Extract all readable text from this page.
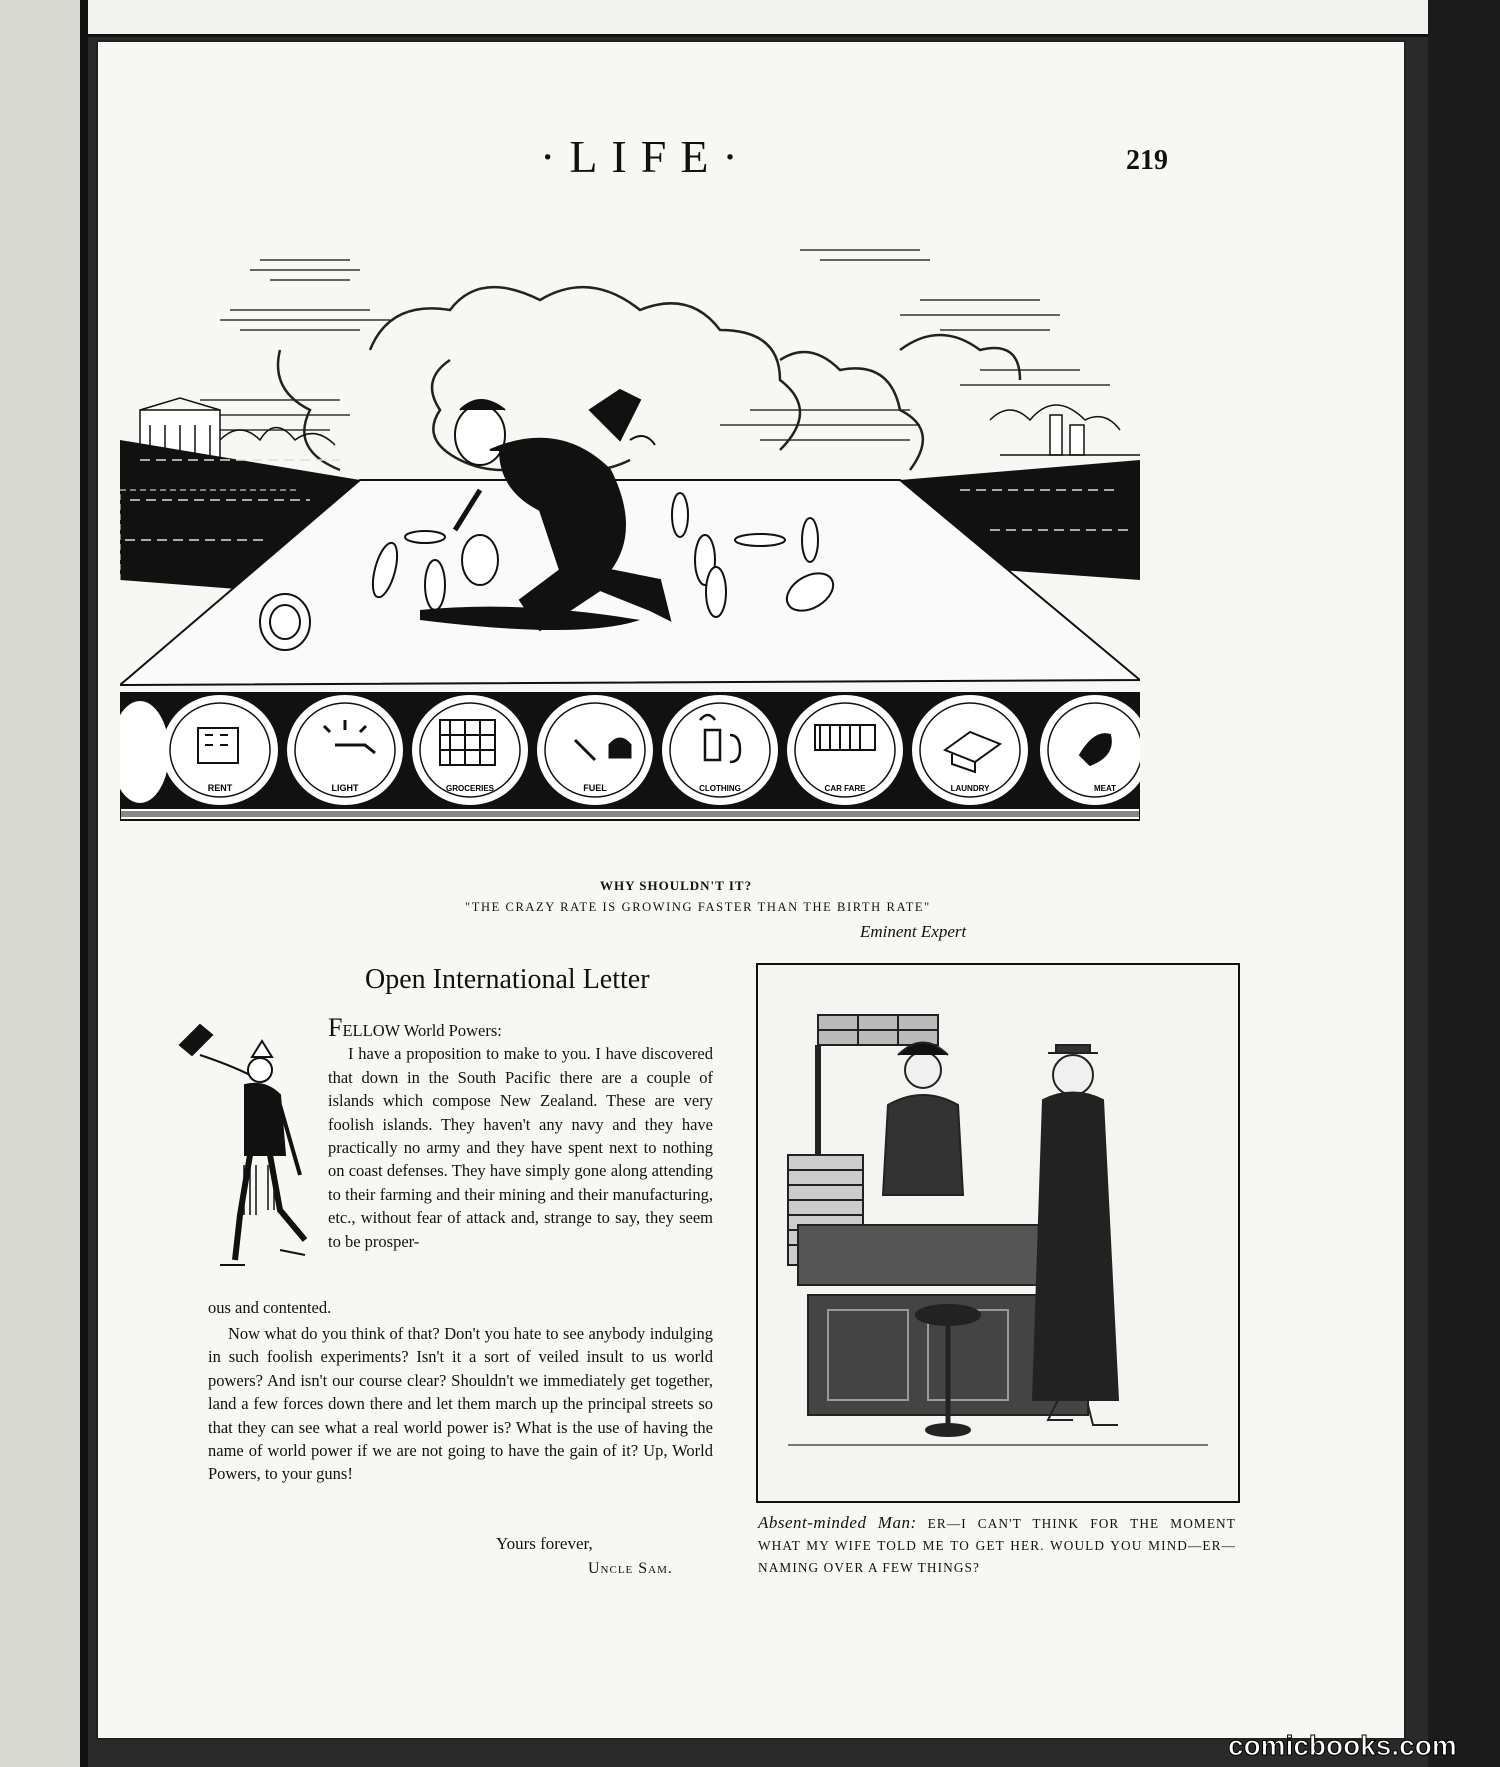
·LIFE·	219
RENT	LIGHT	GROCERIES	FUEL	CLOTHING	CAR FARE	LAUNDRY	MEAT
WHY SHOULDN'T IT?
"THE CRAZY RATE IS GROWING FASTER THAN THE BIRTH RATE"
Eminent Expert
Open International Letter

FELLOW World Powers:
I have a proposition to make to you. I have discovered that down in the South Pacific there are a couple of islands which compose New Zealand. These are very foolish islands. They haven't any navy and they have practically no army and they have spent next to nothing on coast defenses. They have simply gone along attending to their farming and their mining and their manufacturing, etc., without fear of attack and, strange to say, they seem to be prosper-

ous and contented.

Now what do you think of that? Don't you hate to see anybody indulging in such foolish experiments? Isn't it a sort of veiled insult to us world powers? And isn't our course clear? Shouldn't we immediately get together, land a few forces down there and let them march up the principal streets so that they can see what a real world power is? What is the use of having the name of world power if we are not going to have the gain of it? Up, World Powers, to your guns!

Yours forever,
Uncle Sam.
Absent-minded Man: ER—I CAN'T THINK FOR THE MOMENT WHAT MY WIFE TOLD ME TO GET HER. WOULD YOU MIND—ER—NAMING OVER A FEW THINGS?
comicbooks.com
